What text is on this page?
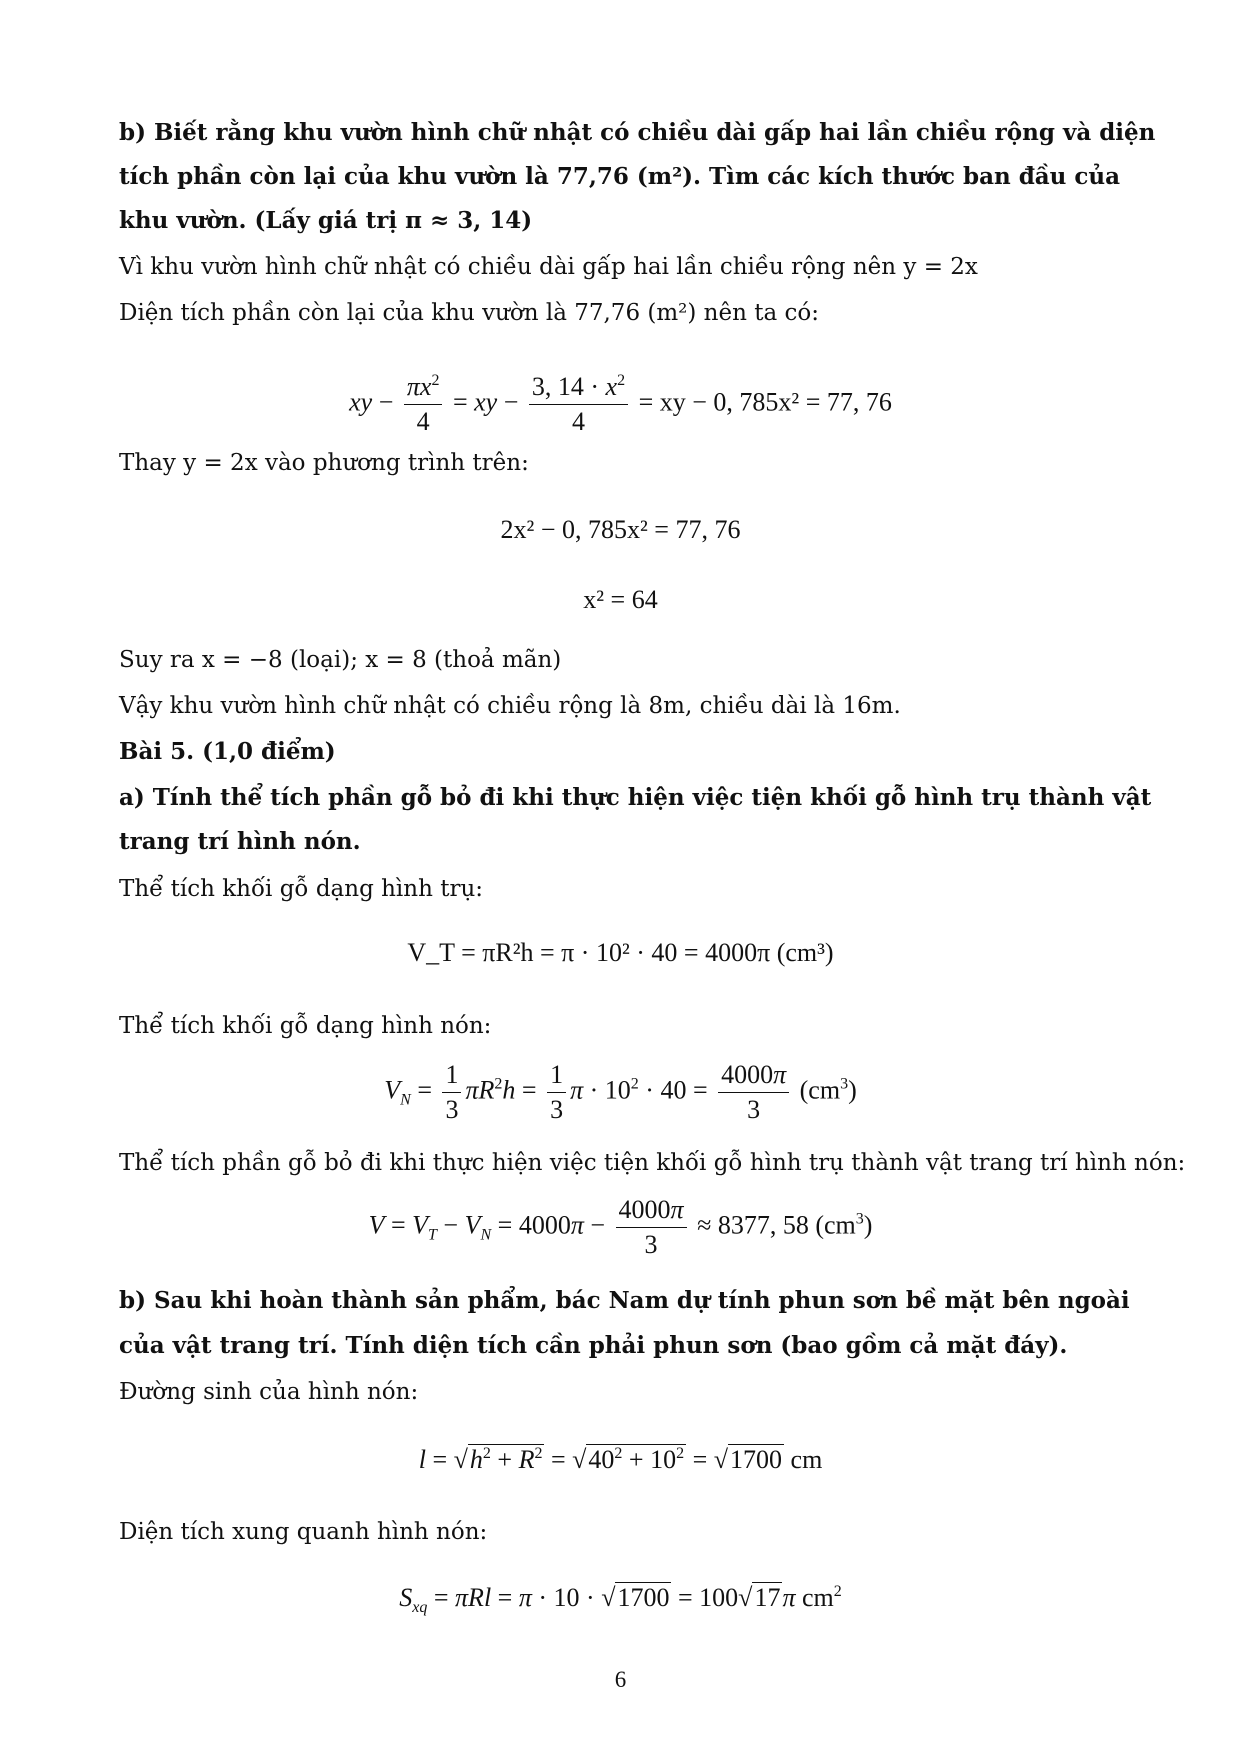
b) Biết rằng khu vườn hình chữ nhật có chiều dài gấp hai lần chiều rộng và diện
tích phần còn lại của khu vườn là 77,76 (m²). Tìm các kích thước ban đầu của
khu vườn. (Lấy giá trị π ≈ 3, 14)
Vì khu vườn hình chữ nhật có chiều dài gấp hai lần chiều rộng nên y = 2x
Diện tích phần còn lại của khu vườn là 77,76 (m²) nên ta có:
xy − $\frac{\pi x^2}{4}$ = xy − $\frac{3, 14 \cdot x^2}{4}$ = xy − 0, 785x² = 77, 76
Thay y = 2x vào phương trình trên:
2x² − 0, 785x² = 77, 76
x² = 64
Suy ra x = −8 (loại); x = 8 (thoả mãn)
Vậy khu vườn hình chữ nhật có chiều rộng là 8m, chiều dài là 16m.
Bài 5. (1,0 điểm)
a) Tính thể tích phần gỗ bỏ đi khi thực hiện việc tiện khối gỗ hình trụ thành vật
trang trí hình nón.
Thể tích khối gỗ dạng hình trụ:
V_T = πR²h = π · 10² · 40 = 4000π (cm³)
Thể tích khối gỗ dạng hình nón:
$V_N = \frac{1}{3} \pi R^2h = \frac{1}{3}$ $\pi \cdot 10^2 \cdot 40 = \frac{4000\pi}{3} (cm^3)$
Thể tích phần gỗ bỏ đi khi thực hiện việc tiện khối gỗ hình trụ thành vật trang trí hình nón:
$V = V_T - V_N = 4000\pi - \frac{4000\pi}{3} \approx 8377$, 58 $(cm^3)$
b) Sau khi hoàn thành sản phẩm, bác Nam dự tính phun sơn bề mặt bên ngoài
của vật trang trí. Tính diện tích cần phải phun sơn (bao gồm cả mặt đáy).
Đường sinh của hình nón:
$l = √h^2 + R^2 = √40^2 + 10^2 = √1700$ cm
Diện tích xung quanh hình nón:
$S_{xq} = \pi Rl = \pi \cdot 10 \cdot √1700 = 100√17\pi$ $cm^2$
6
